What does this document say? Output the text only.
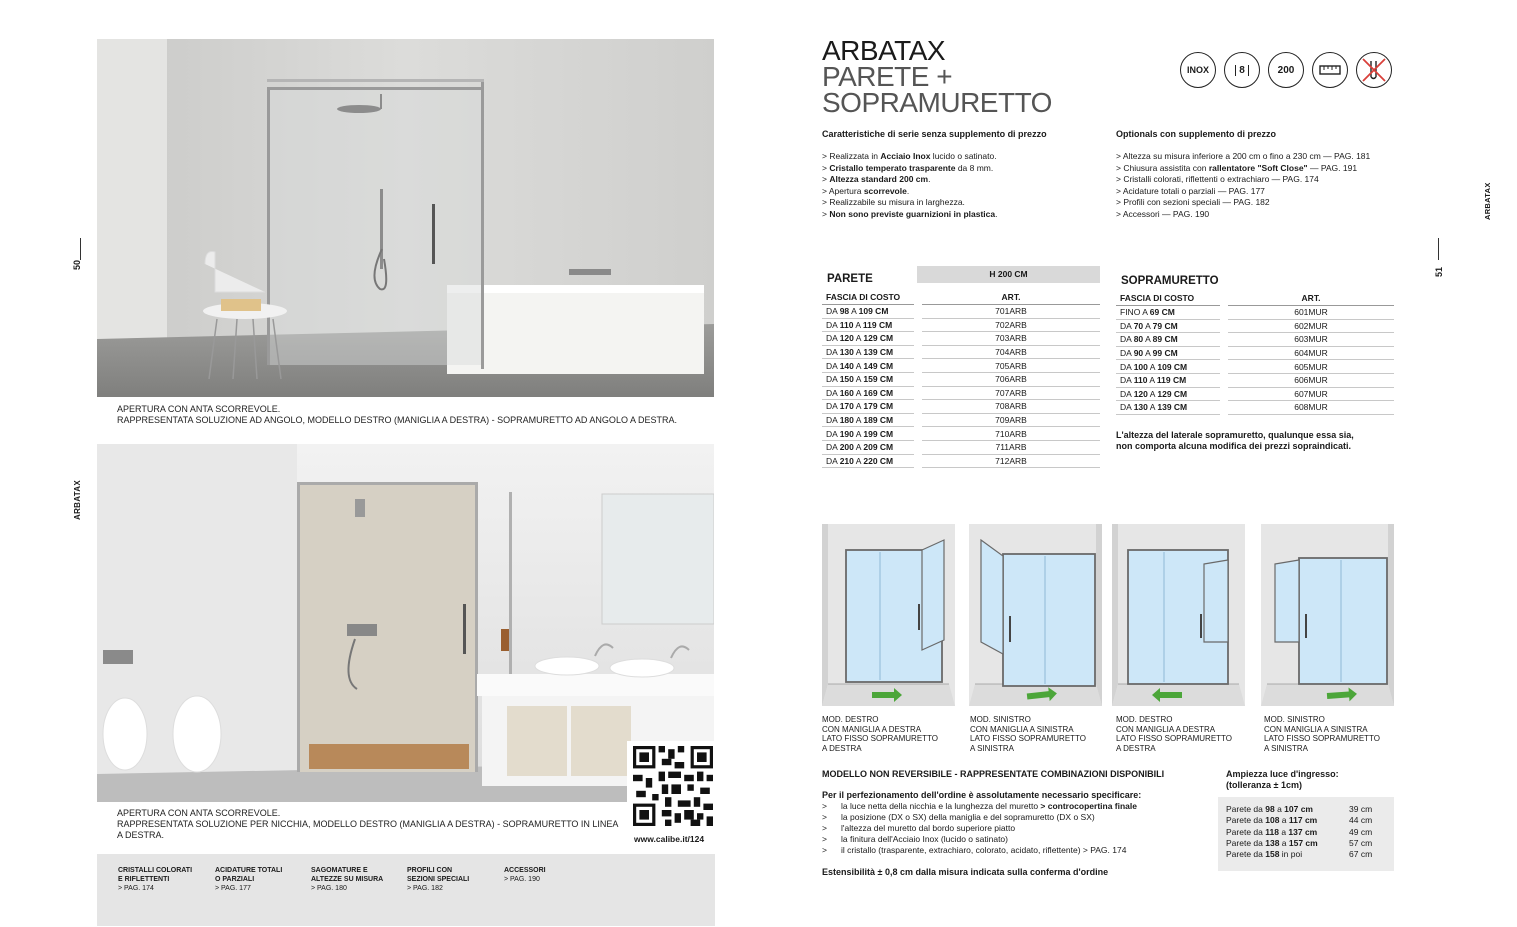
50
ARBATAX
APERTURA CON ANTA SCORREVOLE.
RAPPRESENTATA SOLUZIONE AD ANGOLO, MODELLO DESTRO (MANIGLIA A DESTRA) - SOPRAMURETTO AD ANGOLO A DESTRA.
www.calibe.it/124
APERTURA CON ANTA SCORREVOLE.
RAPPRESENTATA SOLUZIONE PER NICCHIA, MODELLO DESTRO (MANIGLIA A DESTRA) - SOPRAMURETTO IN LINEA
A DESTRA.
CRISTALLI COLORATI
E RIFLETTENTI
> PAG. 174
ACIDATURE TOTALI
O PARZIALI
> PAG. 177
SAGOMATURE E
ALTEZZE SU MISURA
> PAG. 180
PROFILI CON
SEZIONI SPECIALI
> PAG. 182
ACCESSORI
> PAG. 190
51
ARBATAX
ARBATAX
PARETE +
SOPRAMURETTO
INOX	8	200
Caratteristiche di serie senza supplemento di prezzo
> Realizzata in Acciaio Inox lucido o satinato.
> Cristallo temperato trasparente da 8 mm.
> Altezza standard 200 cm.
> Apertura scorrevole.
> Realizzabile su misura in larghezza.
> Non sono previste guarnizioni in plastica.
Optionals con supplemento di prezzo
> Altezza su misura inferiore a 200 cm o fino a 230 cm — PAG. 181
> Chiusura assistita con rallentatore "Soft Close" — PAG. 191
> Cristalli colorati, riflettenti o extrachiaro — PAG. 174
> Acidature totali o parziali — PAG. 177
> Profili con sezioni speciali — PAG. 182
> Accessori — PAG. 190
H 200 CM
PARETE
FASCIA DI COSTO		ART.
DA 98 A 109 CM		701ARB
DA 110 A 119 CM		702ARB
DA 120 A 129 CM		703ARB
DA 130 A 139 CM		704ARB
DA 140 A 149 CM		705ARB
DA 150 A 159 CM		706ARB
DA 160 A 169 CM		707ARB
DA 170 A 179 CM		708ARB
DA 180 A 189 CM		709ARB
DA 190 A 199 CM		710ARB
DA 200 A 209 CM		711ARB
DA 210 A 220 CM		712ARB
SOPRAMURETTO
FASCIA DI COSTO		ART.
FINO A 69 CM		601MUR
DA 70 A 79 CM		602MUR
DA 80 A 89 CM		603MUR
DA 90 A 99 CM		604MUR
DA 100 A 109 CM		605MUR
DA 110 A 119 CM		606MUR
DA 120 A 129 CM		607MUR
DA 130 A 139 CM		608MUR
L'altezza del laterale sopramuretto, qualunque essa sia,
non comporta alcuna modifica dei prezzi sopraindicati.
MOD. DESTRO
CON MANIGLIA A DESTRA
LATO FISSO SOPRAMURETTO
A DESTRA
MOD. SINISTRO
CON MANIGLIA A SINISTRA
LATO FISSO SOPRAMURETTO
A SINISTRA
MOD. DESTRO
CON MANIGLIA A DESTRA
LATO FISSO SOPRAMURETTO
A DESTRA
MOD. SINISTRO
CON MANIGLIA A SINISTRA
LATO FISSO SOPRAMURETTO
A SINISTRA
MODELLO NON REVERSIBILE - RAPPRESENTATE COMBINAZIONI DISPONIBILI
Per il perfezionamento dell'ordine è assolutamente necessario specificare:
> la luce netta della nicchia e la lunghezza del muretto > controcopertina finale
> la posizione (DX o SX) della maniglia e del sopramuretto (DX o SX)
> l'altezza del muretto dal bordo superiore piatto
> la finitura dell'Acciaio Inox (lucido o satinato)
> il cristallo (trasparente, extrachiaro, colorato, acidato, riflettente) > PAG. 174
Estensibilità ± 0,8 cm dalla misura indicata sulla conferma d'ordine
Ampiezza luce d'ingresso:
(tolleranza ± 1cm)
Parete da 98 a 107 cm	39 cm
Parete da 108 a 117 cm	44 cm
Parete da 118 a 137 cm	49 cm
Parete da 138 a 157 cm	57 cm
Parete da 158 in poi	67 cm
